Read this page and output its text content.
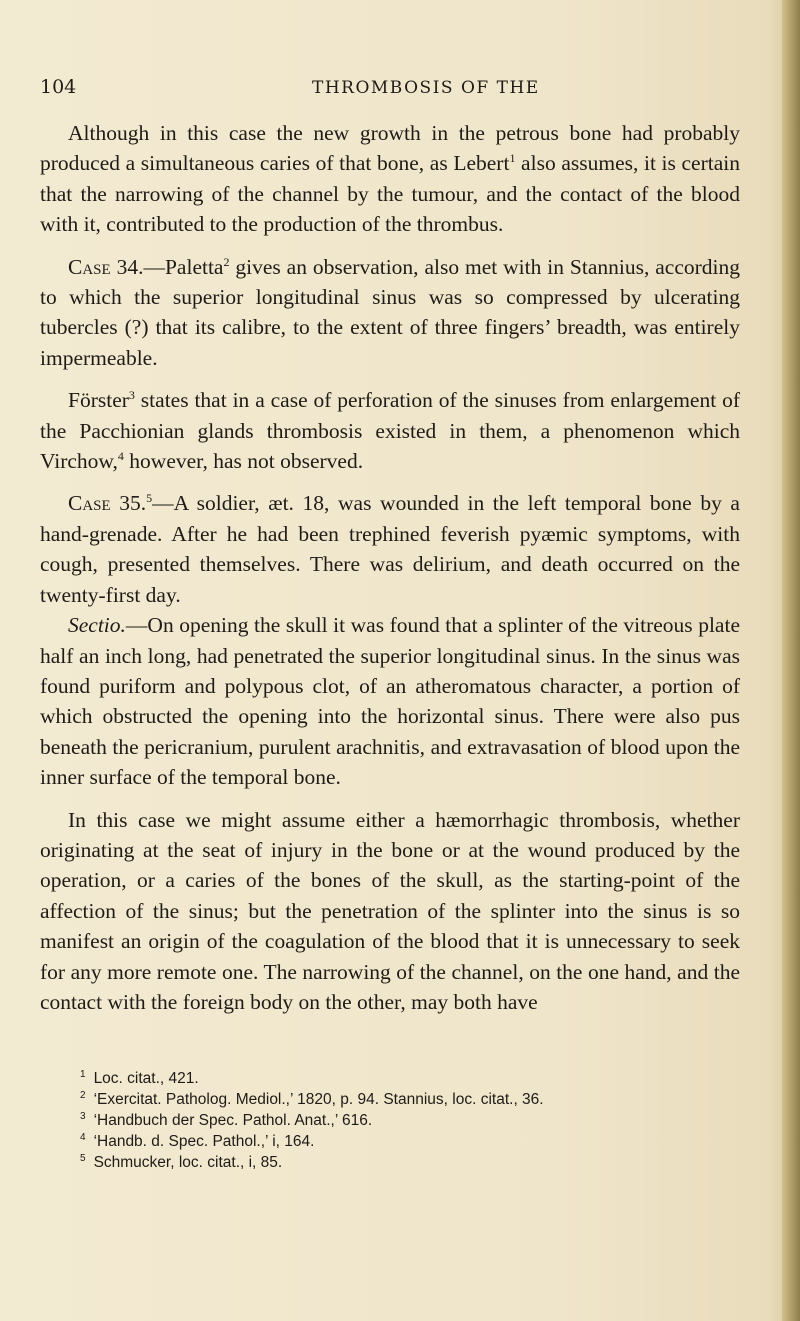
104	THROMBOSIS OF THE

Although in this case the new growth in the petrous bone had probably produced a simultaneous caries of that bone, as Lebert$^1$ also assumes, it is certain that the narrowing of the channel by the tumour, and the contact of the blood with it, contributed to the production of the thrombus.

Case 34.—Paletta$^2$ gives an observation, also met with in Stannius, according to which the superior longitudinal sinus was so compressed by ulcerating tubercles (?) that its calibre, to the extent of three fingers’ breadth, was entirely impermeable.

Förster$^3$ states that in a case of perforation of the sinuses from enlargement of the Pacchionian glands thrombosis existed in them, a phenomenon which Virchow,$^4$ however, has not observed.

Case 35.$^5$—A soldier, æt. 18, was wounded in the left temporal bone by a hand-grenade. After he had been trephined feverish pyæmic symptoms, with cough, presented themselves. There was delirium, and death occurred on the twenty-first day.

Sectio.—On opening the skull it was found that a splinter of the vitreous plate half an inch long, had penetrated the superior longitudinal sinus. In the sinus was found puriform and polypous clot, of an atheromatous character, a portion of which obstructed the opening into the horizontal sinus. There were also pus beneath the pericranium, purulent arachnitis, and extravasation of blood upon the inner surface of the temporal bone.

In this case we might assume either a hæmorrhagic thrombosis, whether originating at the seat of injury in the bone or at the wound produced by the operation, or a caries of the bones of the skull, as the starting-point of the affection of the sinus; but the penetration of the splinter into the sinus is so manifest an origin of the coagulation of the blood that it is unnecessary to seek for any more remote one. The narrowing of the channel, on the one hand, and the contact with the foreign body on the other, may both have

$^1$ Loc. citat., 421.

$^2$ ‘Exercitat. Patholog. Mediol.,’ 1820, p. 94. Stannius, loc. citat., 36.

$^3$ ‘Handbuch der Spec. Pathol. Anat.,’ 616.

$^4$ ‘Handb. d. Spec. Pathol.,’ i, 164.

$^5$ Schmucker, loc. citat., i, 85.
